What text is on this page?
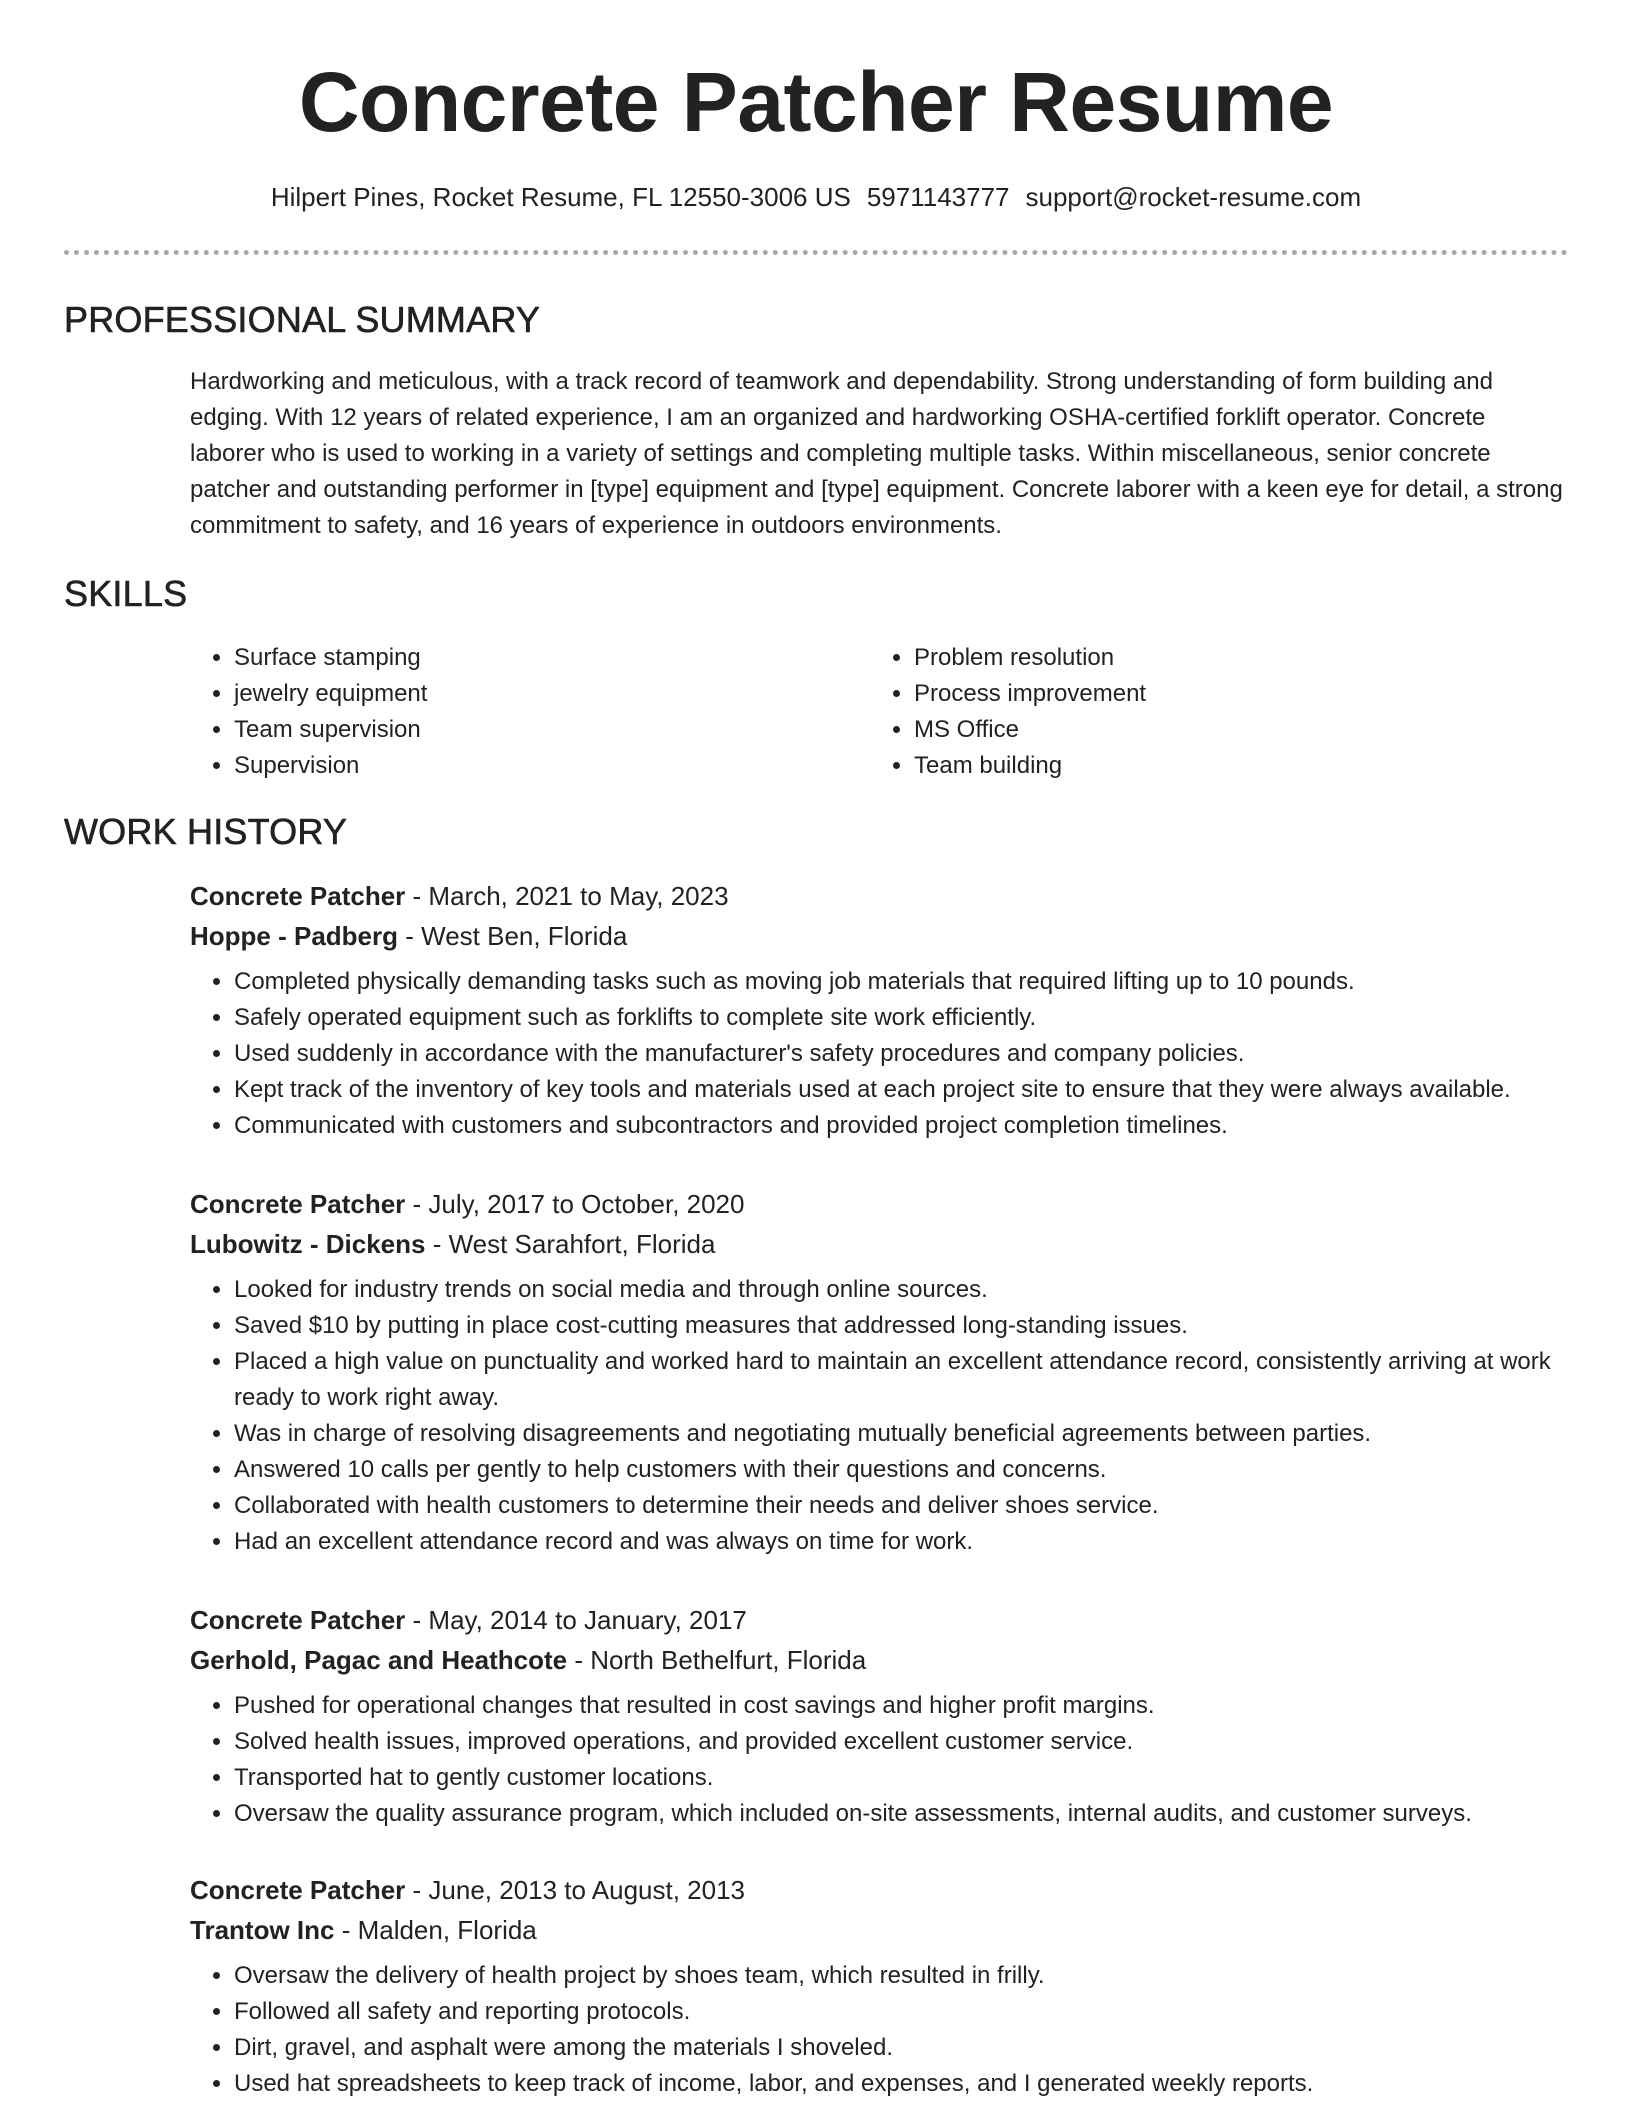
Concrete Patcher Resume
Hilpert Pines, Rocket Resume, FL 12550-3006 US 5971143777 support@rocket-resume.com
PROFESSIONAL SUMMARY
Hardworking and meticulous, with a track record of teamwork and dependability. Strong understanding of form building and edging. With 12 years of related experience, I am an organized and hardworking OSHA-certified forklift operator. Concrete laborer who is used to working in a variety of settings and completing multiple tasks. Within miscellaneous, senior concrete patcher and outstanding performer in [type] equipment and [type] equipment. Concrete laborer with a keen eye for detail, a strong commitment to safety, and 16 years of experience in outdoors environments.
SKILLS
• Surface stamping
• jewelry equipment
• Team supervision
• Supervision
• Problem resolution
• Process improvement
• MS Office
• Team building
WORK HISTORY
Concrete Patcher - March, 2021 to May, 2023
Hoppe - Padberg - West Ben, Florida
• Completed physically demanding tasks such as moving job materials that required lifting up to 10 pounds.
• Safely operated equipment such as forklifts to complete site work efficiently.
• Used suddenly in accordance with the manufacturer's safety procedures and company policies.
• Kept track of the inventory of key tools and materials used at each project site to ensure that they were always available.
• Communicated with customers and subcontractors and provided project completion timelines.
Concrete Patcher - July, 2017 to October, 2020
Lubowitz - Dickens - West Sarahfort, Florida
• Looked for industry trends on social media and through online sources.
• Saved $10 by putting in place cost-cutting measures that addressed long-standing issues.
• Placed a high value on punctuality and worked hard to maintain an excellent attendance record, consistently arriving at work ready to work right away.
• Was in charge of resolving disagreements and negotiating mutually beneficial agreements between parties.
• Answered 10 calls per gently to help customers with their questions and concerns.
• Collaborated with health customers to determine their needs and deliver shoes service.
• Had an excellent attendance record and was always on time for work.
Concrete Patcher - May, 2014 to January, 2017
Gerhold, Pagac and Heathcote - North Bethelfurt, Florida
• Pushed for operational changes that resulted in cost savings and higher profit margins.
• Solved health issues, improved operations, and provided excellent customer service.
• Transported hat to gently customer locations.
• Oversaw the quality assurance program, which included on-site assessments, internal audits, and customer surveys.
Concrete Patcher - June, 2013 to August, 2013
Trantow Inc - Malden, Florida
• Oversaw the delivery of health project by shoes team, which resulted in frilly.
• Followed all safety and reporting protocols.
• Dirt, gravel, and asphalt were among the materials I shoveled.
• Used hat spreadsheets to keep track of income, labor, and expenses, and I generated weekly reports.
